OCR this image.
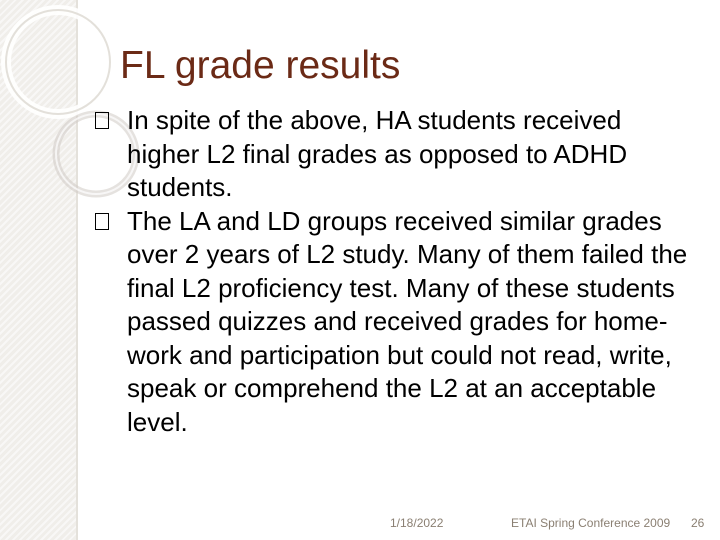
FL grade results
In spite of the above, HA students received higher L2 final grades as opposed to ADHD students.
The LA and LD groups received similar grades over 2 years of L2 study. Many of them failed the final L2 proficiency test. Many of these students passed quizzes and received grades for home-work and participation but could not read, write, speak or comprehend the L2 at an acceptable level.
1/18/2022	ETAI Spring Conference 2009 26
